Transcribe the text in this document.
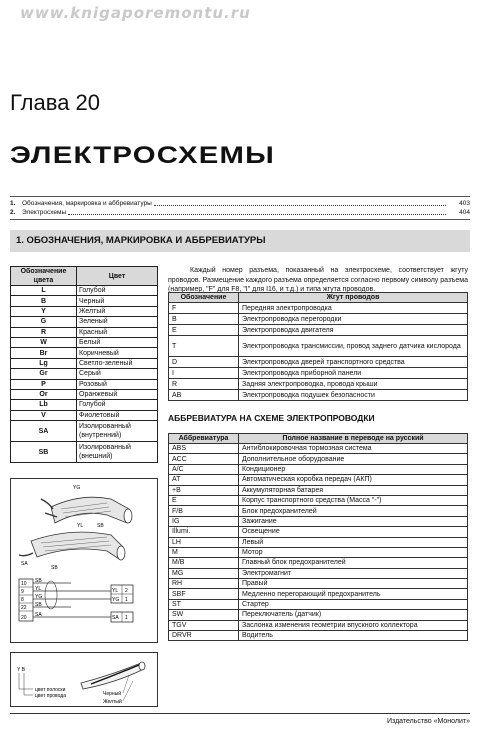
www.knigaporemontu.ru
Глава 20
ЭЛЕКТРОСХЕМЫ
1.	Обозначения, маркировка и аббревиатуры	403
2.	Электросхемы	404
1. ОБОЗНАЧЕНИЯ, МАРКИРОВКА И АББРЕВИАТУРЫ
Обозначение цвета	Цвет
L	Голубой
B	Черный
Y	Желтый
G	Зеленый
R	Красный
W	Белый
Br	Коричневый
Lg	Светло-зеленый
Gr	Серый
P	Розовый
Or	Оранжевый
Lb	Голубой
V	Фиолетовый
SA	Изолированный (внутренний)
SB	Изолированный (внешний)
Каждый номер разъема, показанный на электросхеме, соответствует жгуту проводов. Размещение каждого разъема определяется согласно первому символу разъема (например, "F" для F8, "I" для I16, и т.д.) и типа жгута проводов.
Обозначение	Жгут проводов
F	Передняя электропроводка
B	Электропроводка перегородки
E	Электропроводка двигателя
T	Электропроводка трансмиссии, провод заднего датчика кислорода
D	Электропроводка дверей транспортного средства
I	Электропроводка приборной панели
R	Задняя электропроводка, провода крыши
AB	Электропроводка подушек безопасности
АББРЕВИАТУРА НА СХЕМЕ ЭЛЕКТРОПРОВОДКИ
Аббревиатура	Полное название в переводе на русский
ABS	Антиблокировочная тормозная система
ACC	Дополнительное оборудование
A/C	Кондиционер
AT	Автоматическая коробка передач (АКП)
+B	Аккумуляторная батарея
E	Корпус транспортного средства (Масса "-")
F/B	Блок предохранителей
IG	Зажигание
Illumi.	Освещение
LH	Левый
M	Мотор
M/B	Главный блок предохранителей
MG	Электромагнит
RH	Правый
SBF	Медленно перегорающий предохранитель
ST	Стартер
SW	Переключатель (датчик)
TGV	Заслонка изменения геометрии впускного коллектора
DRVR	Водитель
YG
YL	SB
SA
SB
10
9
8
22
20
SB
YL
YG
SB
SA
YL
YG
2
1
SA 1
Y B
цвет полоски
цвет провода	Черный
Желтый
Издательство «Монолит»
